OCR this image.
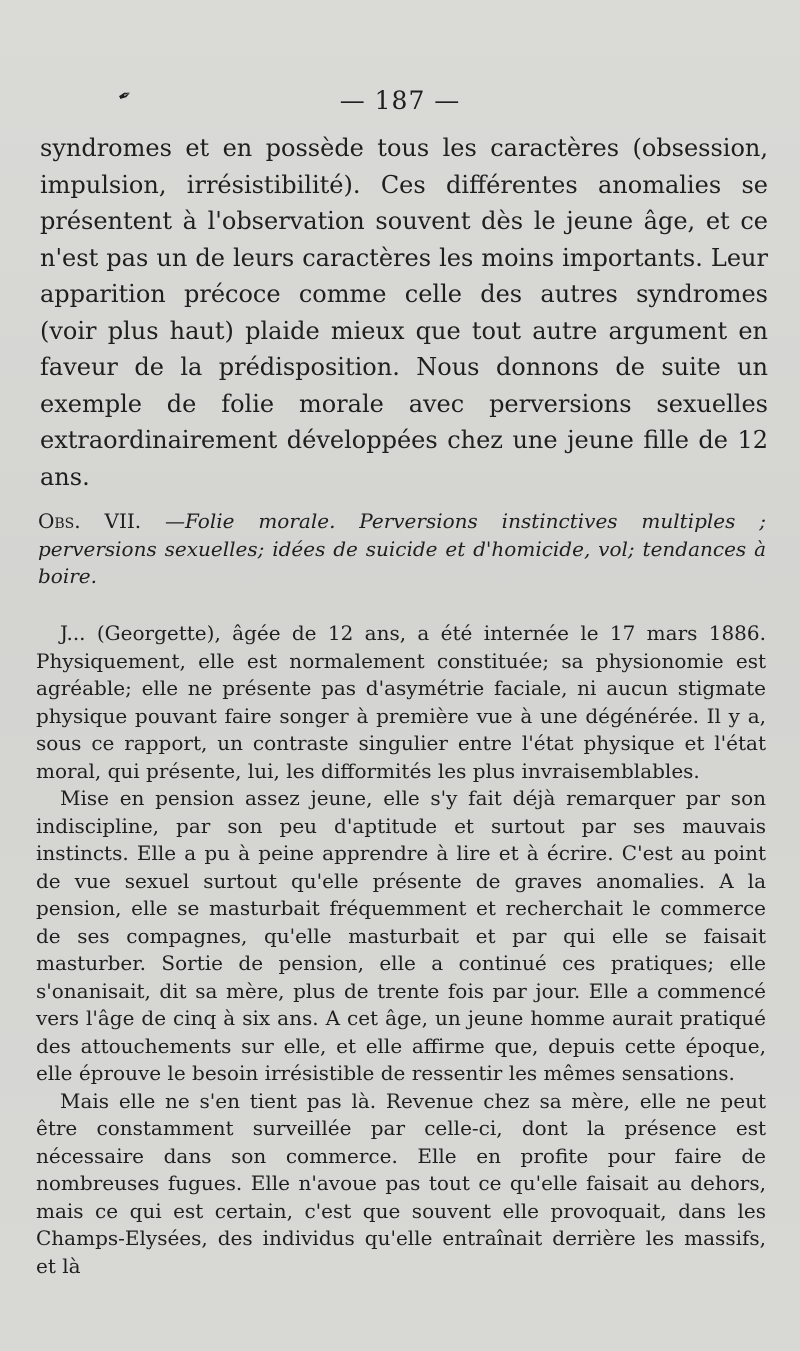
✒	— 187 —
syndromes et en possède tous les caractères (obsession, impulsion, irrésistibilité). Ces différentes anomalies se présentent à l'observation souvent dès le jeune âge, et ce n'est pas un de leurs caractères les moins importants. Leur apparition précoce comme celle des autres syndromes (voir plus haut) plaide mieux que tout autre argument en faveur de la prédisposition. Nous donnons de suite un exemple de folie morale avec perversions sexuelles extraordinairement développées chez une jeune fille de 12 ans.
Obs. VII. —Folie morale. Perversions instinctives multiples ; perversions sexuelles; idées de suicide et d'homicide, vol; tendances à boire.

J... (Georgette), âgée de 12 ans, a été internée le 17 mars 1886. Physiquement, elle est normalement constituée; sa physionomie est agréable; elle ne présente pas d'asymétrie faciale, ni aucun stigmate physique pouvant faire songer à première vue à une dégénérée. Il y a, sous ce rapport, un contraste singulier entre l'état physique et l'état moral, qui présente, lui, les difformités les plus invraisemblables.

Mise en pension assez jeune, elle s'y fait déjà remarquer par son indiscipline, par son peu d'aptitude et surtout par ses mauvais instincts. Elle a pu à peine apprendre à lire et à écrire. C'est au point de vue sexuel surtout qu'elle présente de graves anomalies. A la pension, elle se masturbait fréquemment et recherchait le commerce de ses compagnes, qu'elle masturbait et par qui elle se faisait masturber. Sortie de pension, elle a continué ces pratiques; elle s'onanisait, dit sa mère, plus de trente fois par jour. Elle a commencé vers l'âge de cinq à six ans. A cet âge, un jeune homme aurait pratiqué des attouchements sur elle, et elle affirme que, depuis cette époque, elle éprouve le besoin irrésistible de ressentir les mêmes sensations.

Mais elle ne s'en tient pas là. Revenue chez sa mère, elle ne peut être constamment surveillée par celle-ci, dont la présence est nécessaire dans son commerce. Elle en profite pour faire de nombreuses fugues. Elle n'avoue pas tout ce qu'elle faisait au dehors, mais ce qui est certain, c'est que souvent elle provoquait, dans les Champs-Elysées, des individus qu'elle entraînait derrière les massifs, et là
